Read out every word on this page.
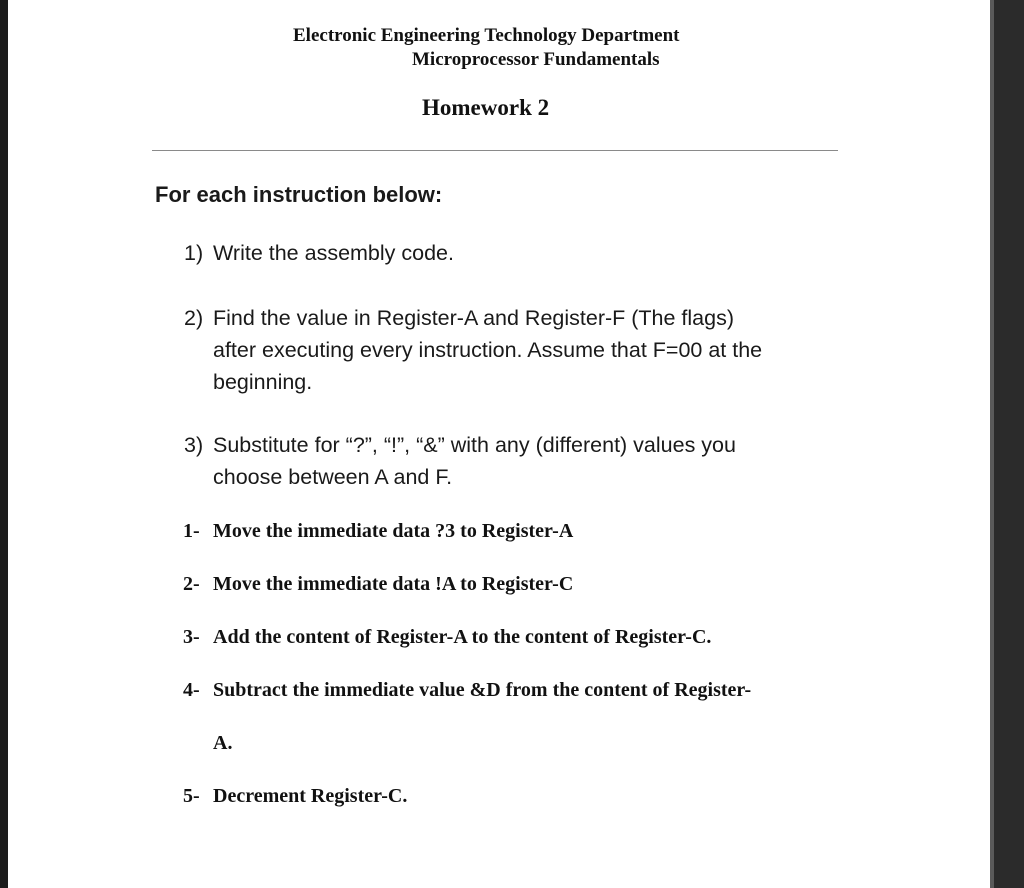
Electronic Engineering Technology Department
Microprocessor Fundamentals
Homework 2
For each instruction below:
1) Write the assembly code.
2) Find the value in Register-A and Register-F (The flags)
after executing every instruction. Assume that F=00 at the
beginning.
3) Substitute for “?”, “!”, “&” with any (different) values you
choose between A and F.
1- Move the immediate data ?3 to Register-A
2- Move the immediate data !A to Register-C
3- Add the content of Register-A to the content of Register-C.
4- Subtract the immediate value &D from the content of Register-
A.
5- Decrement Register-C.
